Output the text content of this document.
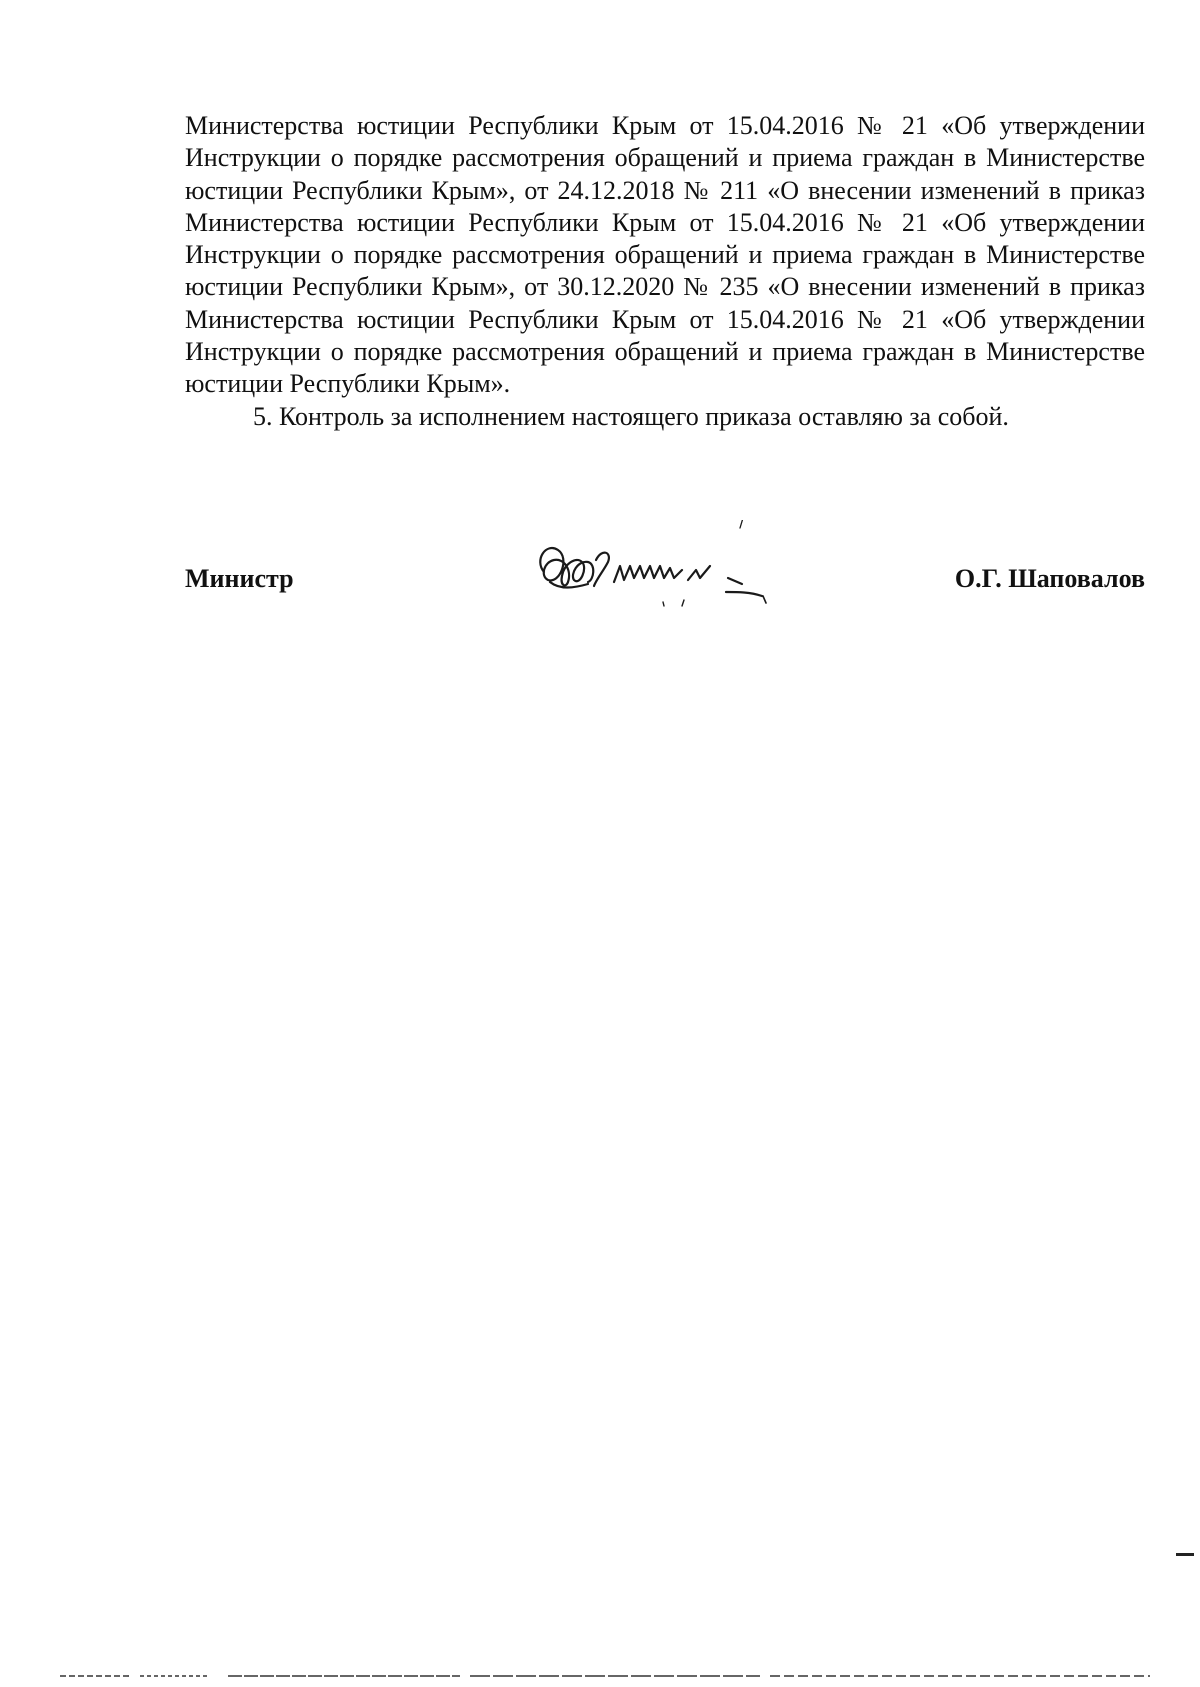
Министерства юстиции Республики Крым от 15.04.2016 № 21 «Об утверждении Инструкции о порядке рассмотрения обращений и приема граждан в Министерстве юстиции Республики Крым», от 24.12.2018 № 211 «О внесении изменений в приказ Министерства юстиции Республики Крым от 15.04.2016 № 21 «Об утверждении Инструкции о порядке рассмотрения обращений и приема граждан в Министерстве юстиции Республики Крым», от 30.12.2020 № 235 «О внесении изменений в приказ Министерства юстиции Республики Крым от 15.04.2016 № 21 «Об утверждении Инструкции о порядке рассмотрения обращений и приема граждан в Министерстве юстиции Республики Крым».

5. Контроль за исполнением настоящего приказа оставляю за собой.

Министр	О.Г. Шаповалов
